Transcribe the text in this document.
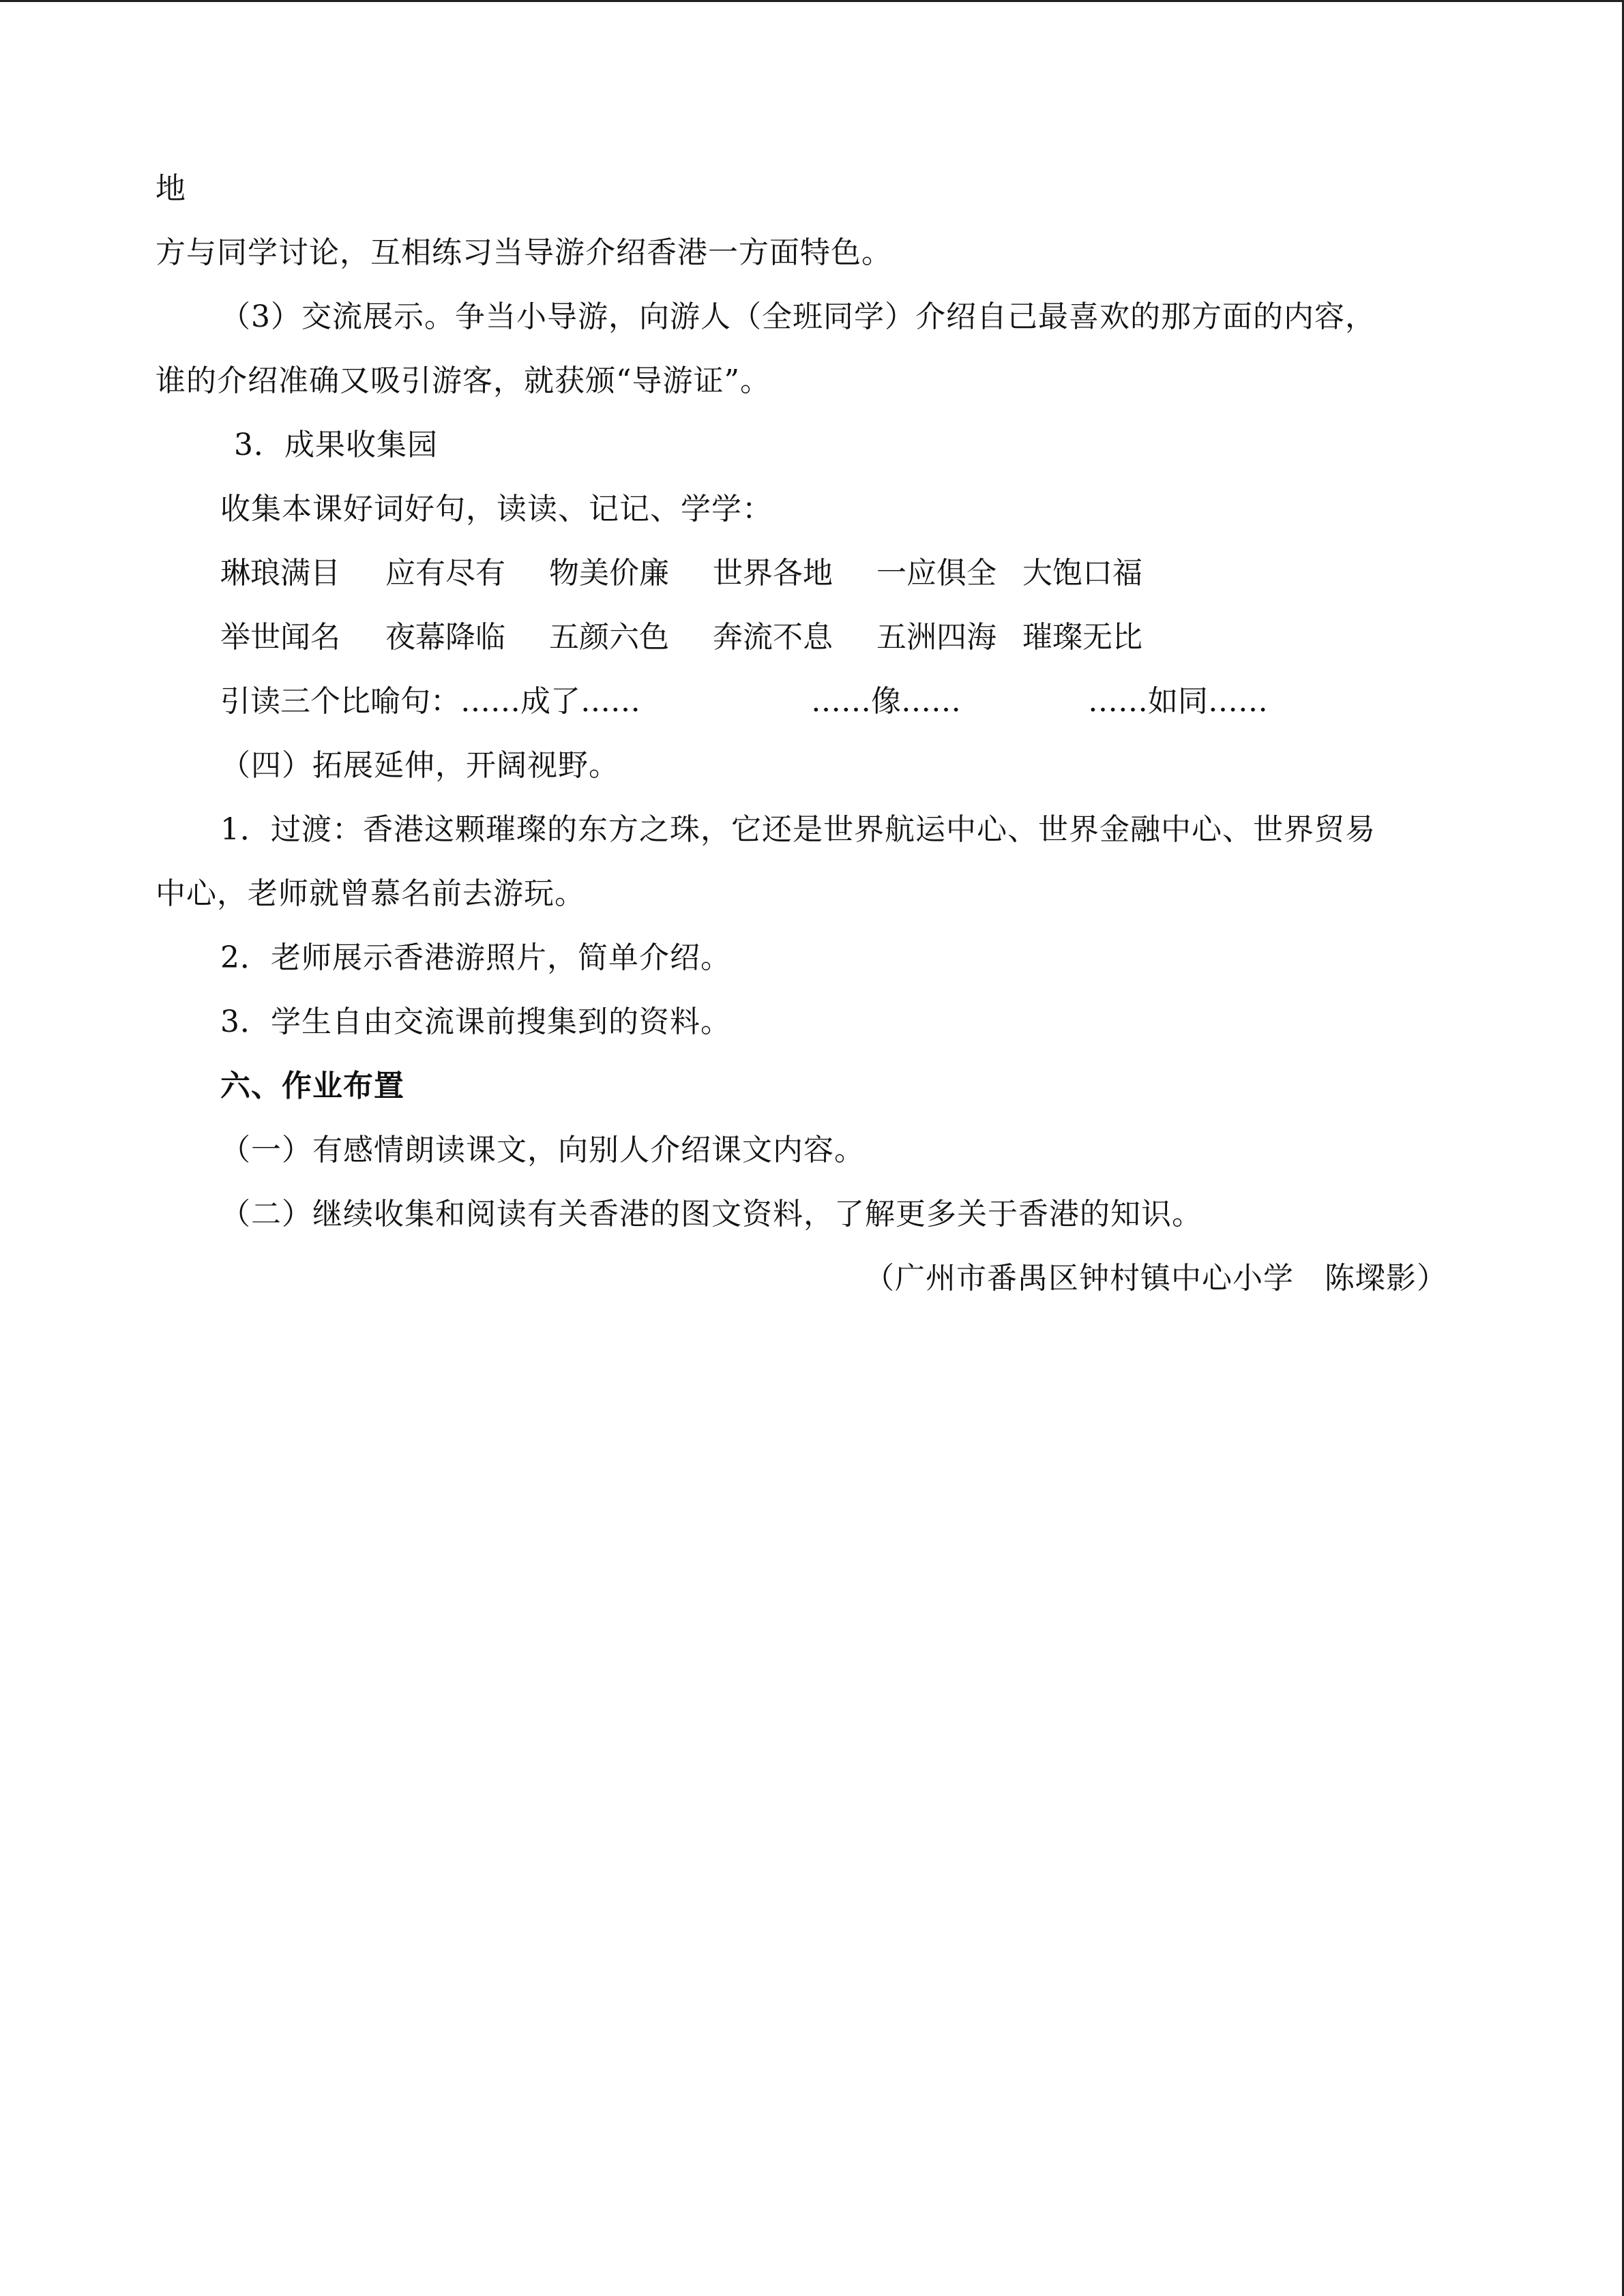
地
方与同学讨论，互相练习当导游介绍香港一方面特色。
（3）交流展示。争当小导游，向游人（全班同学）介绍自己最喜欢的那方面的内容，
谁的介绍准确又吸引游客，就获颁“导游证”。
3．成果收集园
收集本课好词好句，读读、记记、学学：
琳琅满目 应有尽有 物美价廉 世界各地 一应俱全 大饱口福
举世闻名 夜幕降临 五颜六色 奔流不息 五洲四海 璀璨无比
引读三个比喻句：……成了……	……像……	……如同……
（四）拓展延伸，开阔视野。
1．过渡：香港这颗璀璨的东方之珠，它还是世界航运中心、世界金融中心、世界贸易
中心，老师就曾慕名前去游玩。
2．老师展示香港游照片，简单介绍。
3．学生自由交流课前搜集到的资料。
六、作业布置
（一）有感情朗读课文，向别人介绍课文内容。
（二）继续收集和阅读有关香港的图文资料，了解更多关于香港的知识。
（广州市番禺区钟村镇中心小学　陈墚影）
